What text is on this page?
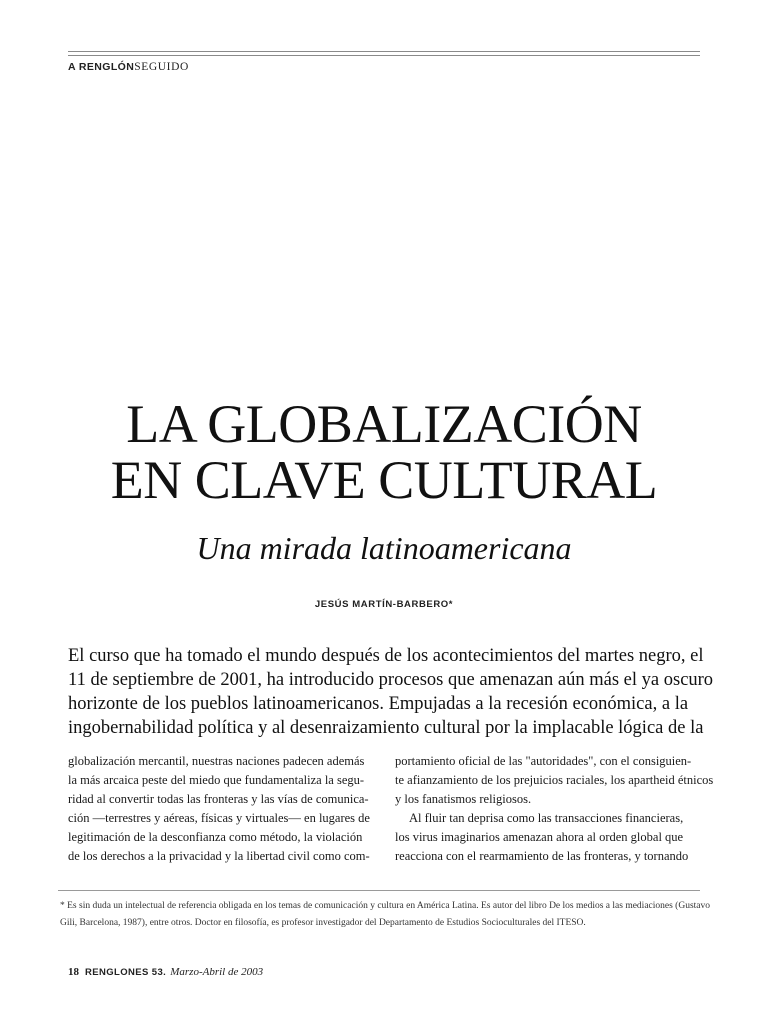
A RENGLÓNSEGUIDO
LA GLOBALIZACIÓN
EN CLAVE CULTURAL
Una mirada latinoamericana
JESÚS MARTÍN-BARBERO*
El curso que ha tomado el mundo después de los acontecimientos del martes negro, el
11 de septiembre de 2001, ha introducido procesos que amenazan aún más el ya oscuro
horizonte de los pueblos latinoamericanos. Empujadas a la recesión económica, a la
ingobernabilidad política y al desenraizamiento cultural por la implacable lógica de la
globalización mercantil, nuestras naciones padecen además
la más arcaica peste del miedo que fundamentaliza la segu-
ridad al convertir todas las fronteras y las vías de comunica-
ción —terrestres y aéreas, físicas y virtuales— en lugares de
legitimación de la desconfianza como método, la violación
de los derechos a la privacidad y la libertad civil como com-
portamiento oficial de las "autoridades", con el consiguien-
te afianzamiento de los prejuicios raciales, los apartheid étnicos
y los fanatismos religiosos.
Al fluir tan deprisa como las transacciones financieras,
los virus imaginarios amenazan ahora al orden global que
reacciona con el rearmamiento de las fronteras, y tornando
* Es sin duda un intelectual de referencia obligada en los temas de comunicación y cultura en América Latina. Es autor del libro De los medios a las mediaciones (Gustavo
Gili, Barcelona, 1987), entre otros. Doctor en filosofía, es profesor investigador del Departamento de Estudios Socioculturales del ITESO.
18 RENGLONES 53. Marzo-Abril de 2003
